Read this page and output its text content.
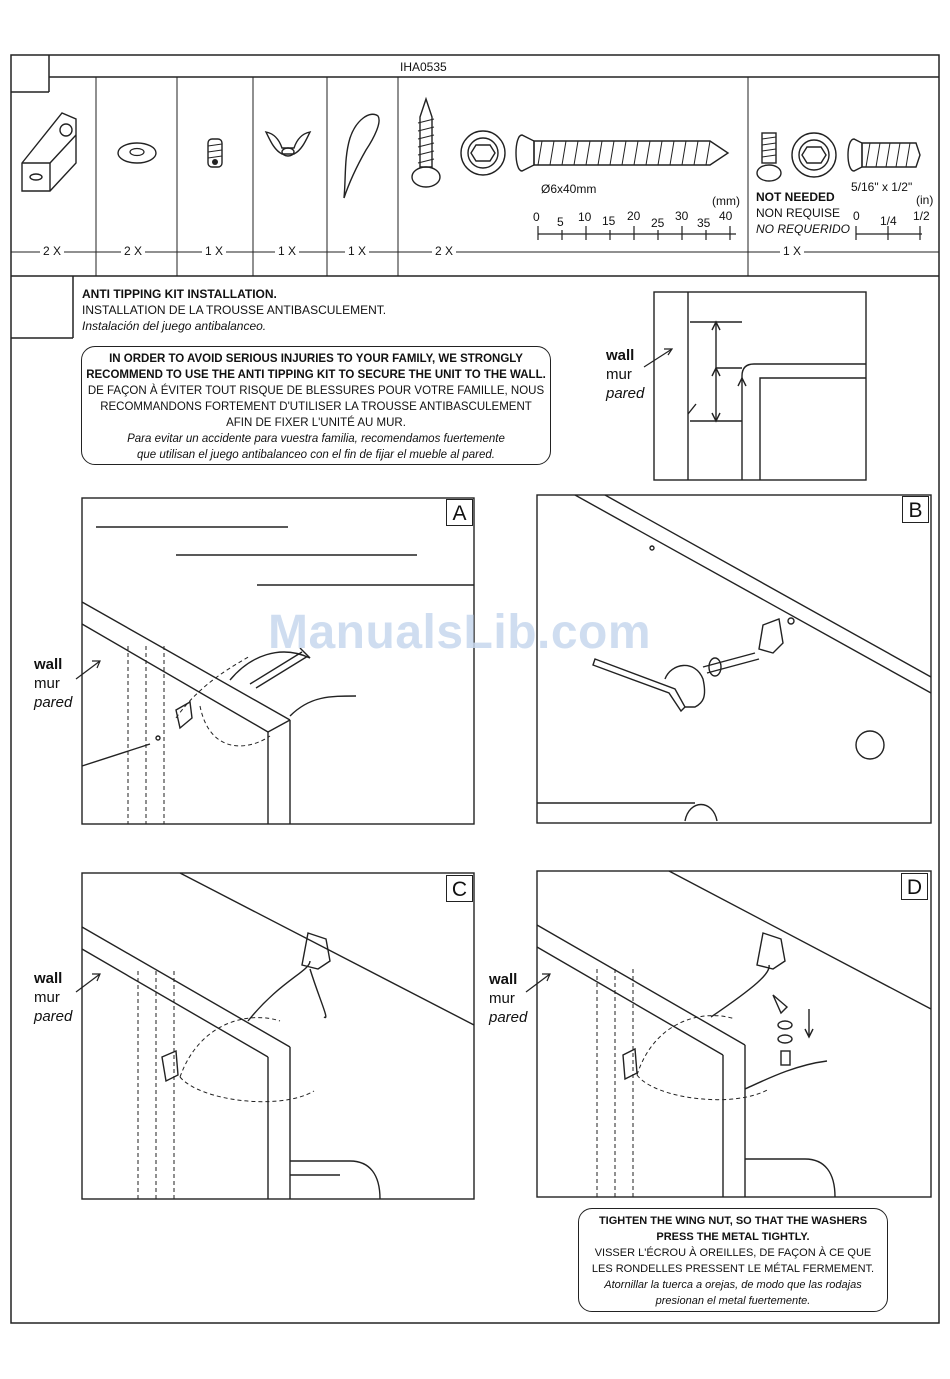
IHA0535
2 X	2 X	1 X	1 X	1 X	2 X	1 X
Ø6x40mm
(mm)
0 5 10 15 20 25 30 35 40
NOT NEEDED
NON REQUISE
NO REQUERIDO
5/16" x 1/2"
(in)
0 1/4 1/2
ANTI TIPPING KIT INSTALLATION.
INSTALLATION DE LA TROUSSE ANTIBASCULEMENT.
Instalación del juego antibalanceo.
IN ORDER TO AVOID SERIOUS INJURIES TO YOUR FAMILY, WE STRONGLY
RECOMMEND TO USE THE ANTI TIPPING KIT TO SECURE THE UNIT TO THE WALL.
DE FAÇON À ÉVITER TOUT RISQUE DE BLESSURES POUR VOTRE FAMILLE, NOUS
RECOMMANDONS FORTEMENT D'UTILISER LA TROUSSE ANTIBASCULEMENT
AFIN DE FIXER L'UNITÉ AU MUR.
Para evitar un accidente para vuestra familia, recomendamos fuertemente
que utilisan el juego antibalanceo con el fin de fijar el mueble al pared.
wall
mur
pared
A
wall
mur
pared
B
C
wall
mur
pared
D
wall
mur
pared
TIGHTEN THE WING NUT, SO THAT THE WASHERS
PRESS THE METAL TIGHTLY.
VISSER L'ÉCROU À OREILLES, DE FAÇON À CE QUE
LES RONDELLES PRESSENT LE MÉTAL FERMEMENT.
Atornillar la tuerca a orejas, de modo que las rodajas
presionan el metal fuertemente.
ManualsLib.com
